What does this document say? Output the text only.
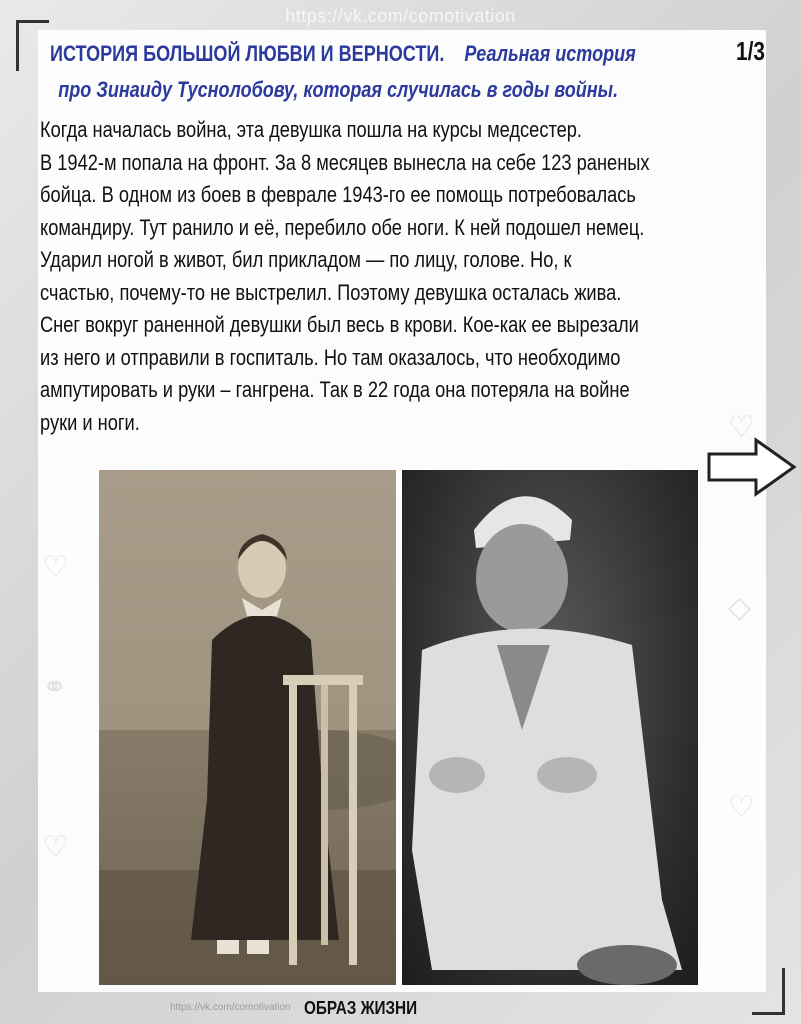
https://vk.com/comotivation
♡
⚭
♡
♡
◇
♡
ИСТОРИЯ БОЛЬШОЙ ЛЮБВИ И ВЕРНОСТИ. Реальная история
про Зинаиду Туснолобову, которая случилась в годы войны.
1/3
Когда началась война, эта девушка пошла на курсы медсестер.
В 1942-м попала на фронт. За 8 месяцев вынесла на себе 123 раненых
бойца. В одном из боев в феврале 1943-го ее помощь потребовалась
командиру. Тут ранило и её, перебило обе ноги. К ней подошел немец.
Ударил ногой в живот, бил прикладом — по лицу, голове. Но, к
счастью, почему-то не выстрелил. Поэтому девушка осталась жива.
Снег вокруг раненной девушки был весь в крови. Кое-как ее вырезали
из него и отправили в госпиталь. Но там оказалось, что необходимо
ампутировать и руки – гангрена. Так в 22 года она потеряла на войне
руки и ноги.
https://vk.com/comotivation ОБРАЗ ЖИЗНИ
